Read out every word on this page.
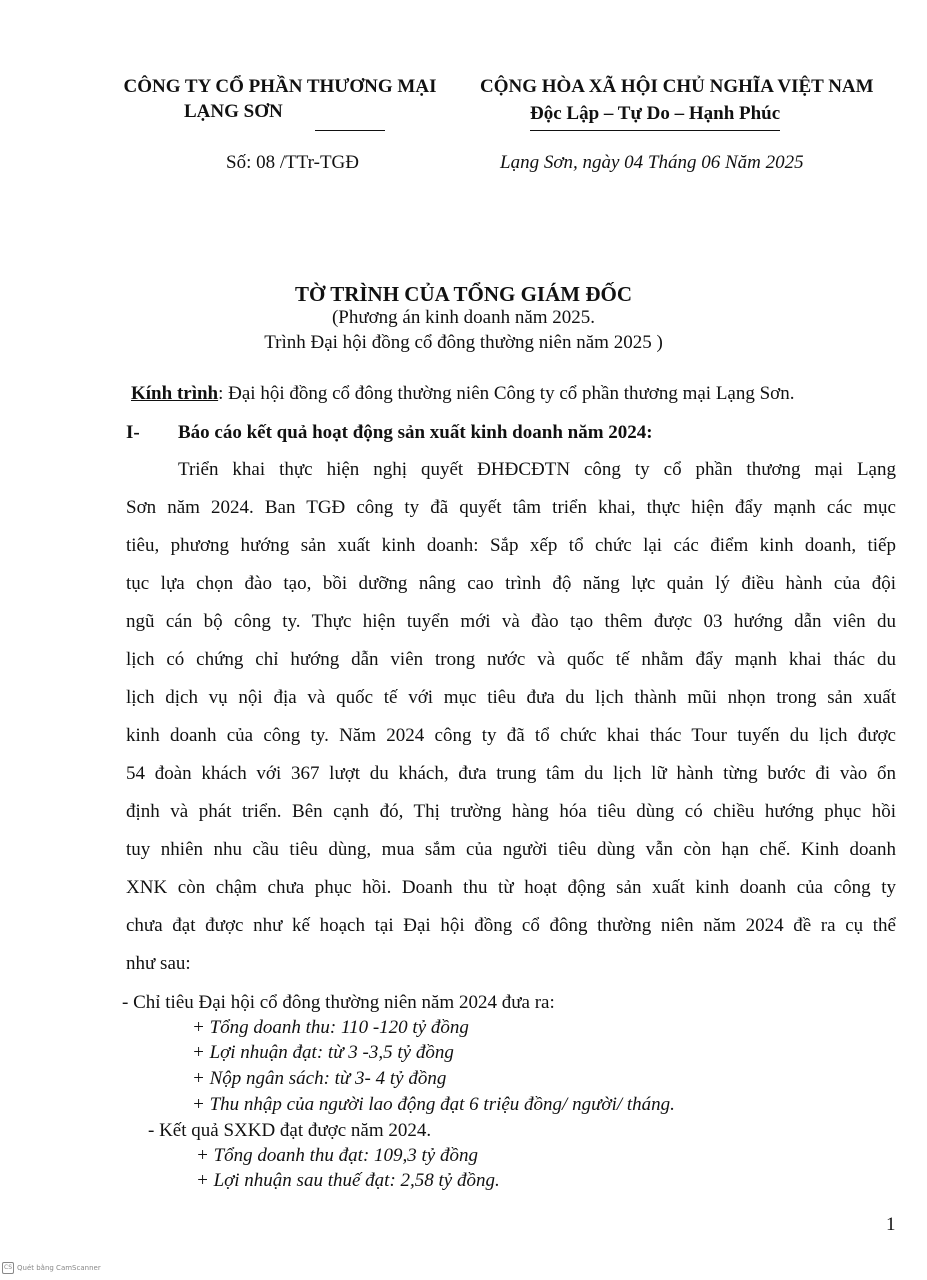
CÔNG TY CỔ PHẦN THƯƠNG MẠI
LẠNG SƠN
Số: 08 /TTr-TGĐ
CỘNG HÒA XÃ HỘI CHỦ NGHĨA VIỆT NAM
Độc Lập – Tự Do – Hạnh Phúc
Lạng Sơn, ngày 04 Tháng 06 Năm 2025
TỜ TRÌNH CỦA TỔNG GIÁM ĐỐC
(Phương án kinh doanh năm 2025.
Trình Đại hội đồng cổ đông thường niên năm 2025 )
Kính trình: Đại hội đồng cổ đông thường niên Công ty cổ phần thương mại Lạng Sơn.
I- Báo cáo kết quả hoạt động sản xuất kinh doanh năm 2024:
Triển khai thực hiện nghị quyết ĐHĐCĐTN công ty cổ phần thương mại Lạng
Sơn năm 2024. Ban TGĐ công ty đã quyết tâm triển khai, thực hiện đẩy mạnh các mục
tiêu, phương hướng sản xuất kinh doanh: Sắp xếp tổ chức lại các điểm kinh doanh, tiếp
tục lựa chọn đào tạo, bồi dưỡng nâng cao trình độ năng lực quản lý điều hành của đội
ngũ cán bộ công ty. Thực hiện tuyển mới và đào tạo thêm được 03 hướng dẫn viên du
lịch có chứng chỉ hướng dẫn viên trong nước và quốc tế nhằm đẩy mạnh khai thác du
lịch dịch vụ nội địa và quốc tế với mục tiêu đưa du lịch thành mũi nhọn trong sản xuất
kinh doanh của công ty. Năm 2024 công ty đã tổ chức khai thác Tour tuyến du lịch được
54 đoàn khách với 367 lượt du khách, đưa trung tâm du lịch lữ hành từng bước đi vào ổn
định và phát triển. Bên cạnh đó, Thị trường hàng hóa tiêu dùng có chiều hướng phục hồi
tuy nhiên nhu cầu tiêu dùng, mua sắm của người tiêu dùng vẫn còn hạn chế. Kinh doanh
XNK còn chậm chưa phục hồi. Doanh thu từ hoạt động sản xuất kinh doanh của công ty
chưa đạt được như kế hoạch tại Đại hội đồng cổ đông thường niên năm 2024 đề ra cụ thể
như sau:
- Chỉ tiêu Đại hội cổ đông thường niên năm 2024 đưa ra:
+ Tổng doanh thu: 110 -120 tỷ đồng
+ Lợi nhuận đạt: từ 3 -3,5 tỷ đồng
+ Nộp ngân sách: từ 3- 4 tỷ đồng
+ Thu nhập của người lao động đạt 6 triệu đồng/ người/ tháng.
- Kết quả SXKD đạt được năm 2024.
+ Tổng doanh thu đạt: 109,3 tỷ đồng
+ Lợi nhuận sau thuế đạt: 2,58 tỷ đồng.
1
CS Quét bằng CamScanner
